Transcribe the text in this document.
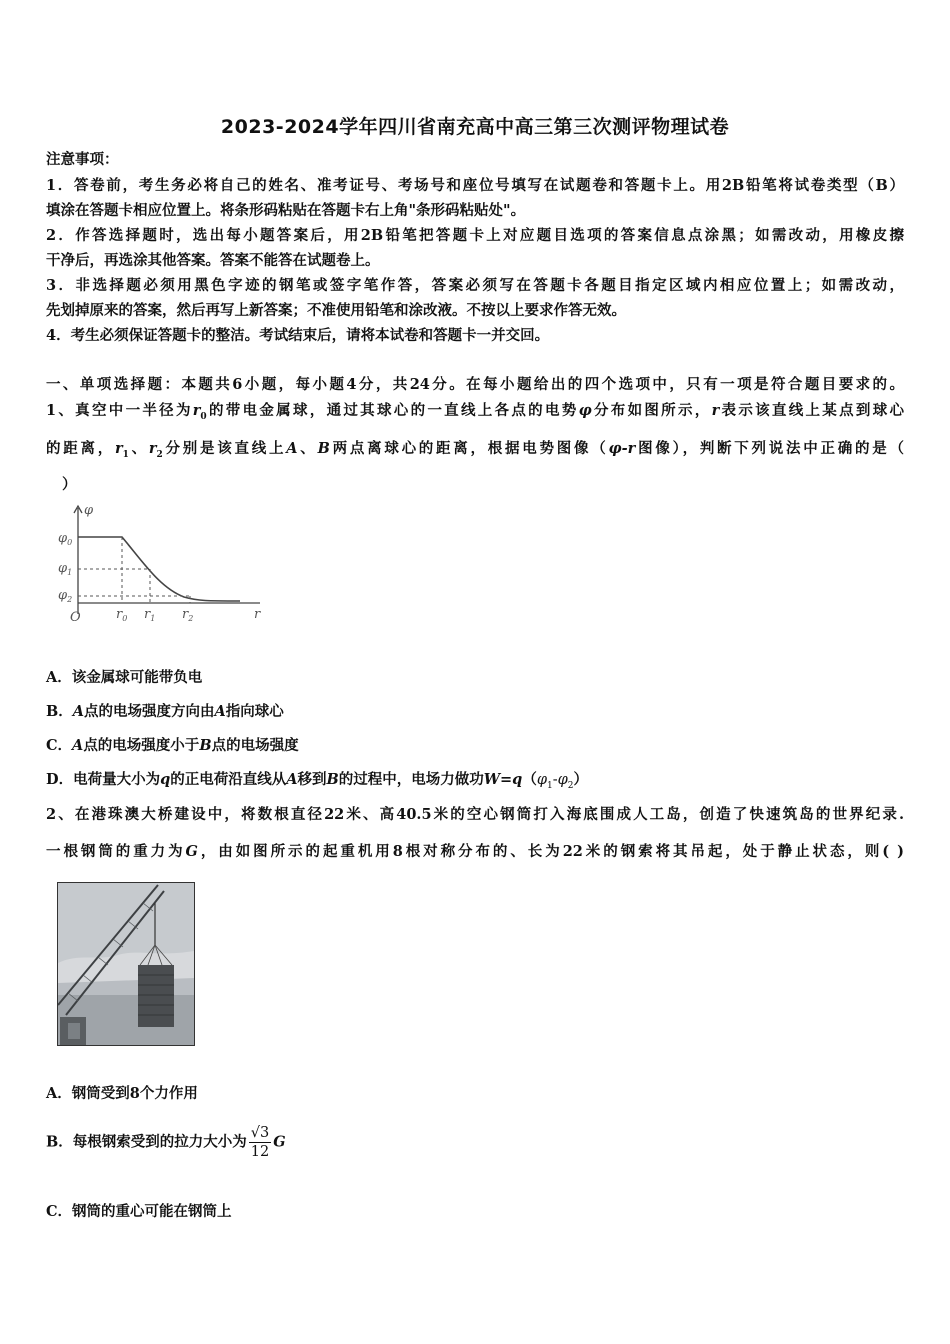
2023-2024学年四川省南充高中高三第三次测评物理试卷
注意事项：
1．答卷前，考生务必将自己的姓名、准考证号、考场号和座位号填写在试题卷和答题卡上。用2B铅笔将试卷类型（B）
填涂在答题卡相应位置上。将条形码粘贴在答题卡右上角"条形码粘贴处"。
2．作答选择题时，选出每小题答案后，用2B铅笔把答题卡上对应题目选项的答案信息点涂黑；如需改动，用橡皮擦
干净后，再选涂其他答案。答案不能答在试题卷上。
3．非选择题必须用黑色字迹的钢笔或签字笔作答，答案必须写在答题卡各题目指定区域内相应位置上；如需改动，
先划掉原来的答案，然后再写上新答案；不准使用铅笔和涂改液。不按以上要求作答无效。
4．考生必须保证答题卡的整洁。考试结束后，请将本试卷和答题卡一并交回。
一、单项选择题：本题共6小题，每小题4分，共24分。在每小题给出的四个选项中，只有一项是符合题目要求的。
1、真空中一半径为$r_0$的带电金属球，通过其球心的一直线上各点的电势φ分布如图所示，r表示该直线上某点到球心
的距离，$r_1$、$r_2$分别是该直线上A、B两点离球心的距离，根据电势图像（φ-r图像），判断下列说法中正确的是（
）
φ
$\varphi_0$
$\varphi_1$
$\varphi_2$
O	$r_0$ $r_1$ $r_2$	r
A．该金属球可能带负电
B．A点的电场强度方向由A指向球心
C．A点的电场强度小于B点的电场强度
D．电荷量大小为q的正电荷沿直线从A移到B的过程中，电场力做功$W=q(\varphi_1-\varphi_2)$
2、在港珠澳大桥建设中，将数根直径22米、高40.5米的空心钢筒打入海底围成人工岛，创造了快速筑岛的世界纪录.
一根钢筒的重力为G，由如图所示的起重机用8根对称分布的、长为22米的钢索将其吊起，处于静止状态，则( )
A．钢筒受到8个力作用
B．每根钢索受到的拉力大小为 $\frac{√3}{12}$ G
C．钢筒的重心可能在钢筒上
